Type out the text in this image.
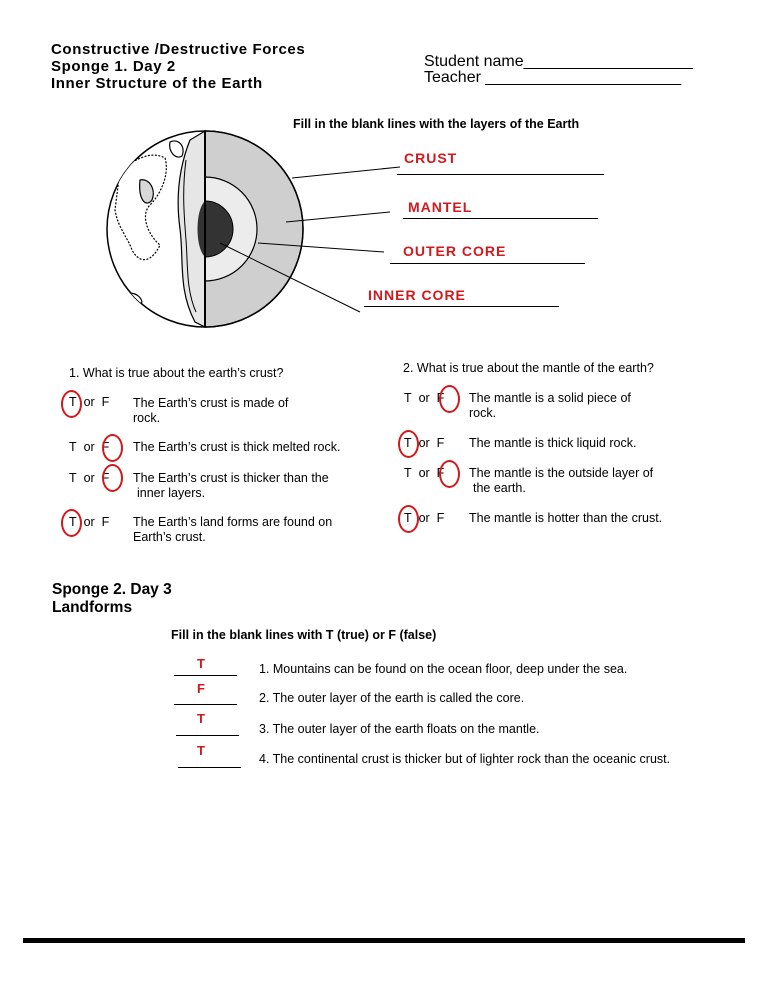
Constructive /Destructive Forces
Sponge 1. Day 2
Inner Structure of the Earth
Student name___________________
Teacher ______________________
Fill in the blank lines with the layers of the Earth
CRUST
MANTEL
OUTER CORE
INNER CORE
1. What is true about the earth’s crust?
T or F The Earth’s crust is made of
rock.
T or F The Earth’s crust is thick melted rock.
T or F The Earth’s crust is thicker than the
inner layers.
T or F The Earth’s land forms are found on
Earth’s crust.
2. What is true about the mantle of the earth?
T or F The mantle is a solid piece of
rock.
T or F The mantle is thick liquid rock.
T or F The mantle is the outside layer of
the earth.
T or F The mantle is hotter than the crust.
Sponge 2. Day 3
Landforms
Fill in the blank lines with T (true) or F (false)
T	1. Mountains can be found on the ocean floor, deep under the sea.
F
2. The outer layer of the earth is called the core.
T
3. The outer layer of the earth floats on the mantle.
T
4. The continental crust is thicker but of lighter rock than the oceanic crust.
